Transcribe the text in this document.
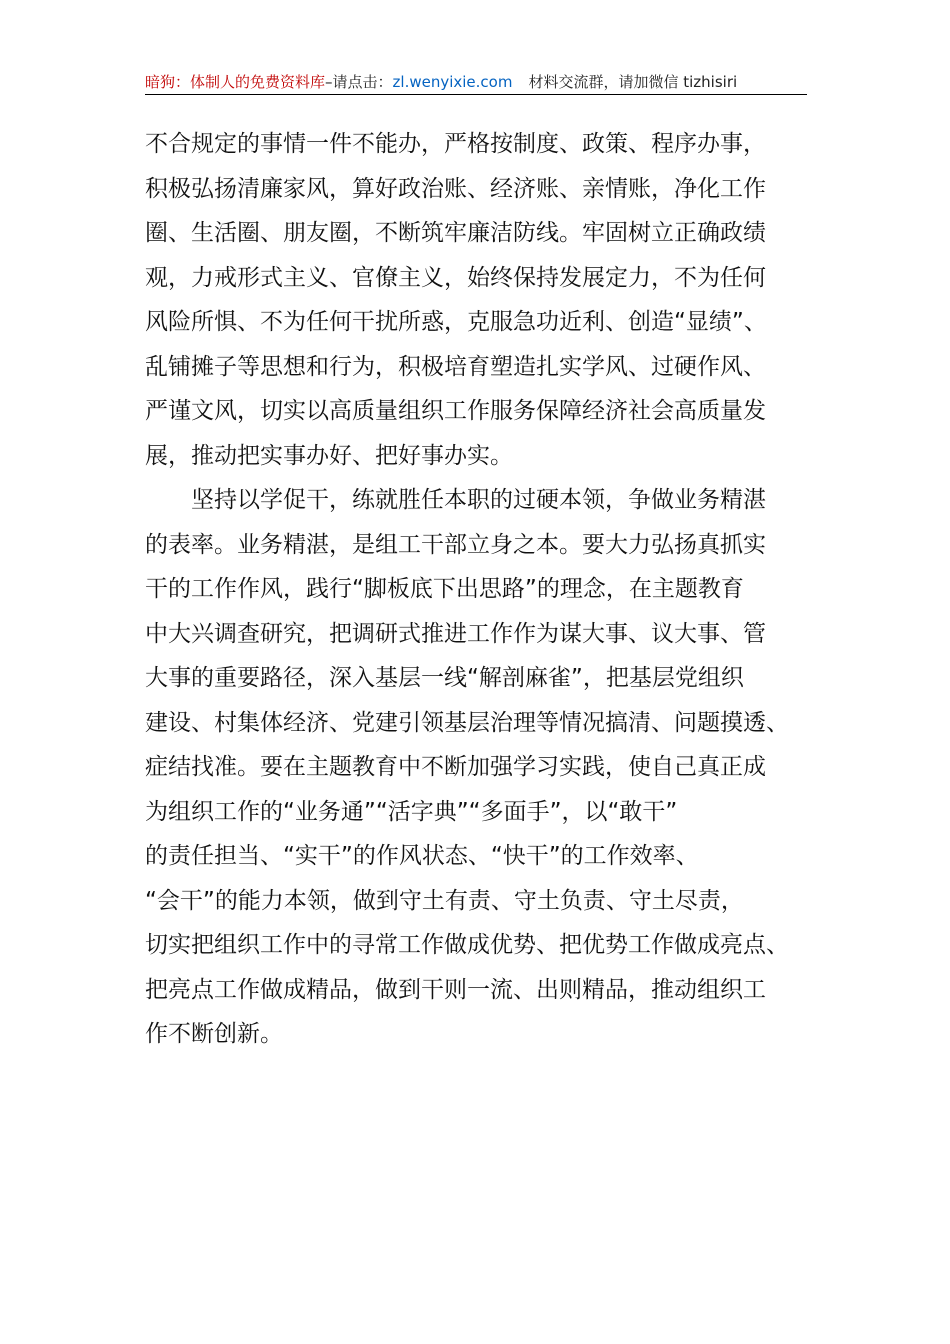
暗狗：体制人的免费资料库–请点击：zl.wenyixie.com 材料交流群，请加微信 tizhisiri
不合规定的事情一件不能办，严格按制度、政策、程序办事，
积极弘扬清廉家风，算好政治账、经济账、亲情账，净化工作
圈、生活圈、朋友圈，不断筑牢廉洁防线。牢固树立正确政绩
观，力戒形式主义、官僚主义，始终保持发展定力，不为任何
风险所惧、不为任何干扰所惑，克服急功近利、创造“显绩”、
乱铺摊子等思想和行为，积极培育塑造扎实学风、过硬作风、
严谨文风，切实以高质量组织工作服务保障经济社会高质量发
展，推动把实事办好、把好事办实。
坚持以学促干，练就胜任本职的过硬本领，争做业务精湛
的表率。业务精湛，是组工干部立身之本。要大力弘扬真抓实
干的工作作风，践行“脚板底下出思路”的理念，在主题教育
中大兴调查研究，把调研式推进工作作为谋大事、议大事、管
大事的重要路径，深入基层一线“解剖麻雀”，把基层党组织
建设、村集体经济、党建引领基层治理等情况搞清、问题摸透、
症结找准。要在主题教育中不断加强学习实践，使自己真正成
为组织工作的“业务通”“活字典”“多面手”，以“敢干”
的责任担当、“实干”的作风状态、“快干”的工作效率、
“会干”的能力本领，做到守土有责、守土负责、守土尽责，
切实把组织工作中的寻常工作做成优势、把优势工作做成亮点、
把亮点工作做成精品，做到干则一流、出则精品，推动组织工
作不断创新。
